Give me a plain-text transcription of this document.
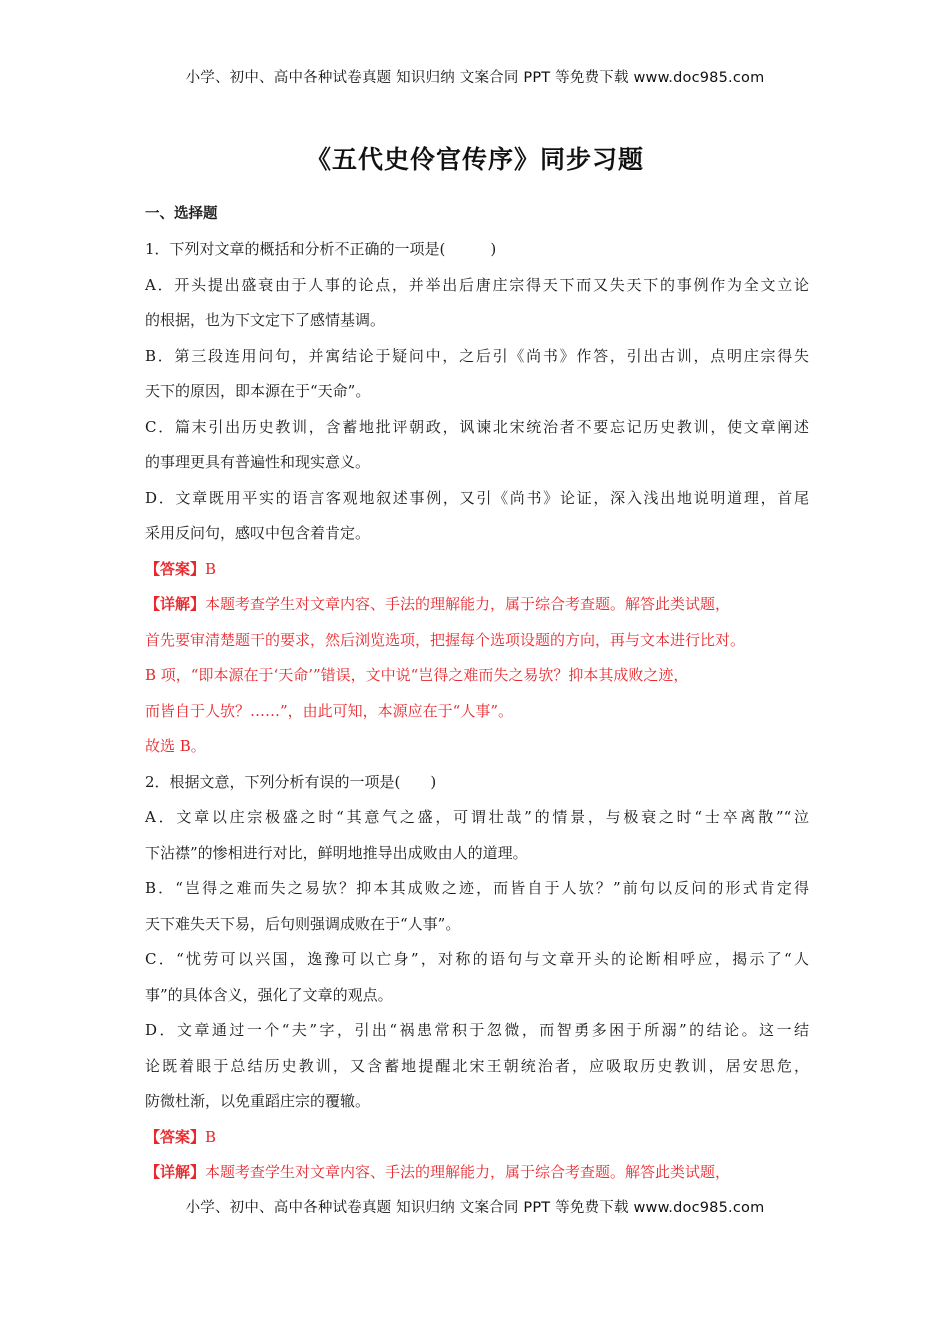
小学、初中、高中各种试卷真题 知识归纳 文案合同 PPT 等免费下载 www.doc985.com
《五代史伶官传序》同步习题
一、选择题
1．下列对文章的概括和分析不正确的一项是(　　　)
A．开头提出盛衰由于人事的论点，并举出后唐庄宗得天下而又失天下的事例作为全文立论
的根据，也为下文定下了感情基调。
B．第三段连用问句，并寓结论于疑问中，之后引《尚书》作答，引出古训，点明庄宗得失
天下的原因，即本源在于“天命”。
C．篇末引出历史教训，含蓄地批评朝政，讽谏北宋统治者不要忘记历史教训，使文章阐述
的事理更具有普遍性和现实意义。
D．文章既用平实的语言客观地叙述事例，又引《尚书》论证，深入浅出地说明道理，首尾
采用反问句，感叹中包含着肯定。
【答案】B
【详解】本题考查学生对文章内容、手法的理解能力，属于综合考查题。解答此类试题，
首先要审清楚题干的要求，然后浏览选项，把握每个选项设题的方向，再与文本进行比对。
B 项，“即本源在于‘天命’”错误，文中说“岂得之难而失之易欤？抑本其成败之迹，
而皆自于人欤？……”，由此可知，本源应在于“人事”。
故选 B。
2．根据文意，下列分析有误的一项是(　　)
A．文章以庄宗极盛之时“其意气之盛，可谓壮哉”的情景，与极衰之时“士卒离散”“泣
下沾襟”的惨相进行对比，鲜明地推导出成败由人的道理。
B．“岂得之难而失之易欤？抑本其成败之迹，而皆自于人欤？”前句以反问的形式肯定得
天下难失天下易，后句则强调成败在于“人事”。
C．“忧劳可以兴国，逸豫可以亡身”，对称的语句与文章开头的论断相呼应，揭示了“人
事”的具体含义，强化了文章的观点。
D．文章通过一个“夫”字，引出“祸患常积于忽微，而智勇多困于所溺”的结论。这一结
论既着眼于总结历史教训，又含蓄地提醒北宋王朝统治者，应吸取历史教训，居安思危，
防微杜渐，以免重蹈庄宗的覆辙。
【答案】B
【详解】本题考查学生对文章内容、手法的理解能力，属于综合考查题。解答此类试题，
小学、初中、高中各种试卷真题 知识归纳 文案合同 PPT 等免费下载 www.doc985.com
